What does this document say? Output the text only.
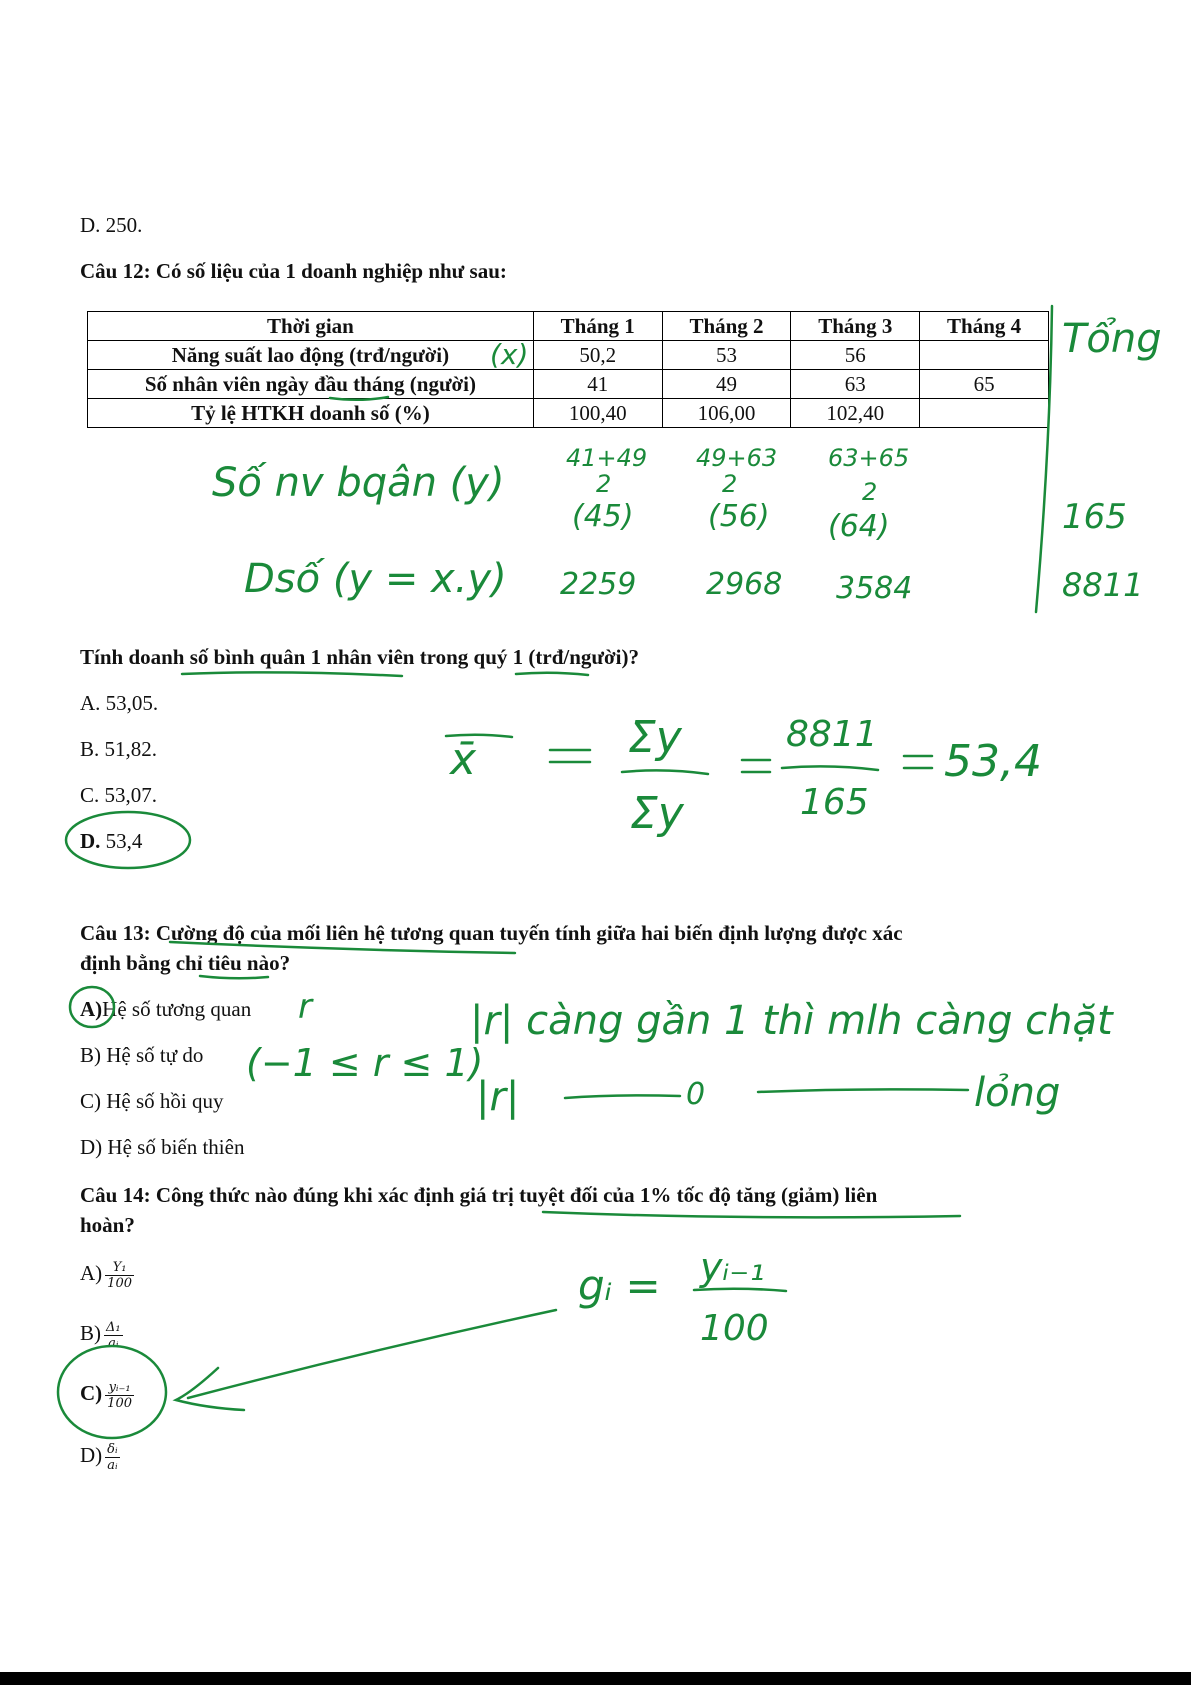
D. 250.
Câu 12: Có số liệu của 1 doanh nghiệp như sau:
Thời gian	Tháng 1	Tháng 2	Tháng 3	Tháng 4
Năng suất lao động (trđ/người)	50,2	53	56	
Số nhân viên ngày đầu tháng (người)	41	49	63	65
Tỷ lệ HTKH doanh số (%)	100,40	106,00	102,40	
Tính doanh số bình quân 1 nhân viên trong quý 1 (trđ/người)?
A. 53,05.
B. 51,82.
C. 53,07.
D. 53,4
Câu 13: Cường độ của mối liên hệ tương quan tuyến tính giữa hai biến định lượng được xác
định bằng chỉ tiêu nào?
A)Hệ số tương quan
B) Hệ số tự do
C) Hệ số hồi quy
D) Hệ số biến thiên
Câu 14: Công thức nào đúng khi xác định giá trị tuyệt đối của 1% tốc độ tăng (giảm) liên
hoàn?
$A) \frac{\text{Y₁}}{100}$
$B) \frac{\text{Δ₁}}{\text{aᵢ}}$
$C) \frac{\text{yᵢ₋₁}}{100}$
$D) \frac{\text{δᵢ}}{\text{aᵢ}}$
Tổng
(x)
Số nv bqân (y)
41+49 49+63 63+65
2	2	2
(45) (56) (64)	165
Dsố (y = x.y) 2259 2968 3584	8811
x̄	Σy
Σy
8811
165
53,4
r
(−1 ≤ r ≤ 1)
|r| càng gần 1 thì mlh càng chặt
|r|	0	lỏng
gᵢ = yᵢ₋₁
100
